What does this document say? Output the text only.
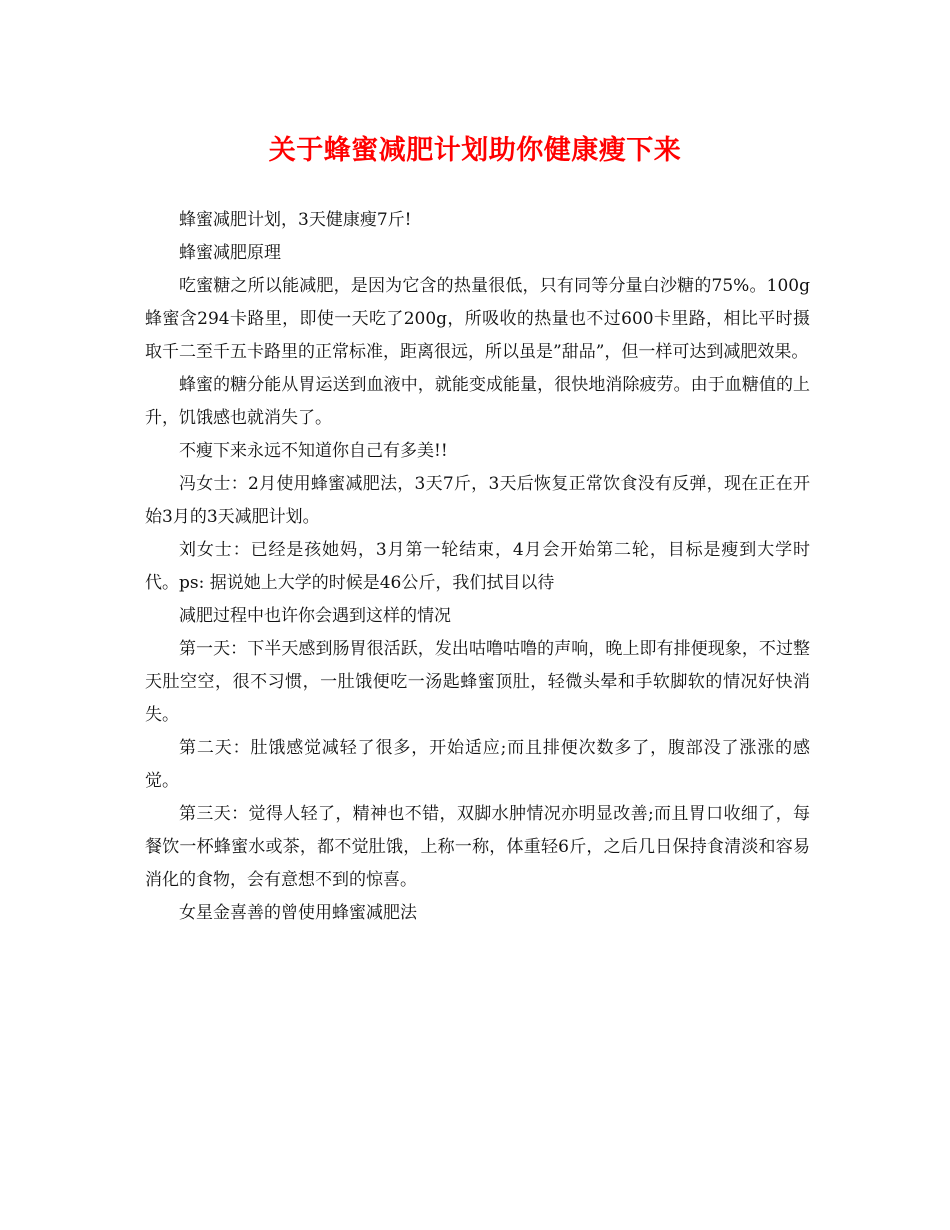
关于蜂蜜减肥计划助你健康瘦下来

蜂蜜减肥计划，3天健康瘦7斤!

蜂蜜减肥原理

吃蜜糖之所以能减肥，是因为它含的热量很低，只有同等分量白沙糖的75%。100g蜂蜜含294卡路里，即使一天吃了200g，所吸收的热量也不过600卡里路，相比平时摄取千二至千五卡路里的正常标准，距离很远，所以虽是”甜品”，但一样可达到减肥效果。

蜂蜜的糖分能从胃运送到血液中，就能变成能量，很快地消除疲劳。由于血糖值的上升，饥饿感也就消失了。

不瘦下来永远不知道你自己有多美!!

冯女士：2月使用蜂蜜减肥法，3天7斤，3天后恢复正常饮食没有反弹，现在正在开始3月的3天减肥计划。

刘女士：已经是孩她妈，3月第一轮结束，4月会开始第二轮，目标是瘦到大学时代。ps: 据说她上大学的时候是46公斤，我们拭目以待

减肥过程中也许你会遇到这样的情况

第一天：下半天感到肠胃很活跃，发出咕噜咕噜的声响，晚上即有排便现象，不过整天肚空空，很不习惯，一肚饿便吃一汤匙蜂蜜顶肚，轻微头晕和手软脚软的情况好快消失。

第二天：肚饿感觉减轻了很多，开始适应;而且排便次数多了，腹部没了涨涨的感觉。

第三天：觉得人轻了，精神也不错，双脚水肿情况亦明显改善;而且胃口收细了，每餐饮一杯蜂蜜水或茶，都不觉肚饿，上称一称，体重轻6斤，之后几日保持食清淡和容易消化的食物，会有意想不到的惊喜。

女星金喜善的曾使用蜂蜜减肥法
